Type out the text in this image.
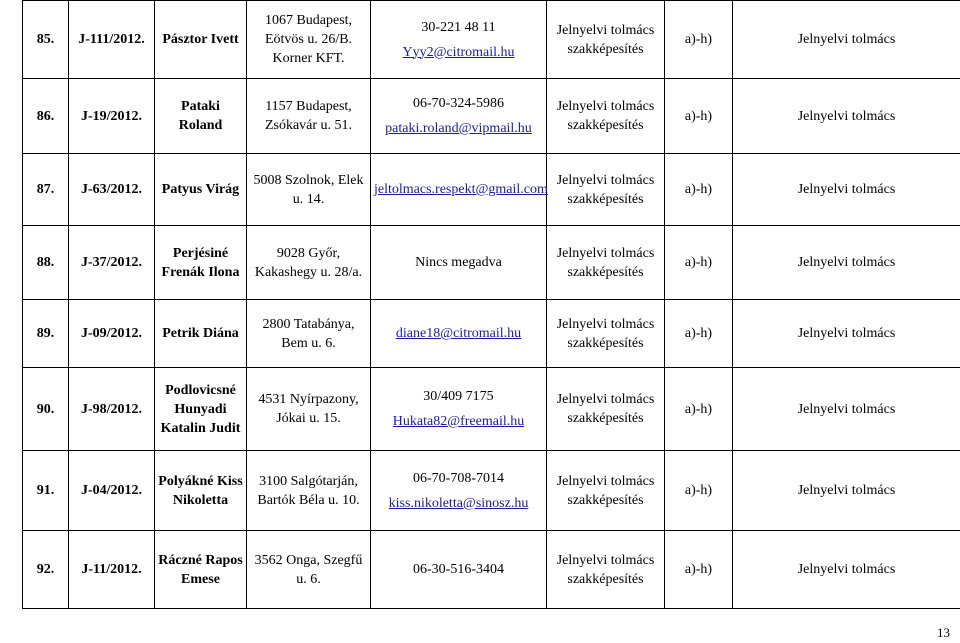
85.	J-111/2012.	Pásztor Ivett	1067 Budapest,
Eötvös u. 26/B.
Korner KFT.	30-221 48 11
Yyy2@citromail.hu	Jelnyelvi tolmács
szakképesítés	a)-h)	Jelnyelvi tolmács
86.	J-19/2012.	Pataki Roland	1157 Budapest,
Zsókavár u. 51.	06-70-324-5986
pataki.roland@vipmail.hu	Jelnyelvi tolmács
szakképesítés	a)-h)	Jelnyelvi tolmács
87.	J-63/2012.	Patyus Virág	5008 Szolnok, Elek
u. 14.	jeltolmacs.respekt@gmail.com	Jelnyelvi tolmács
szakképesítés	a)-h)	Jelnyelvi tolmács
88.	J-37/2012.	Perjésiné
Frenák Ilona	9028 Győr,
Kakashegy u. 28/a.	Nincs megadva	Jelnyelvi tolmács
szakképesítés	a)-h)	Jelnyelvi tolmács
89.	J-09/2012.	Petrik Diána	2800 Tatabánya,
Bem u. 6.	diane18@citromail.hu	Jelnyelvi tolmács
szakképesítés	a)-h)	Jelnyelvi tolmács
90.	J-98/2012.	Podlovicsné
Hunyadi
Katalin Judit	4531 Nyírpazony,
Jókai u. 15.	30/409 7175
Hukata82@freemail.hu	Jelnyelvi tolmács
szakképesítés	a)-h)	Jelnyelvi tolmács
91.	J-04/2012.	Polyákné Kiss
Nikoletta	3100 Salgótarján,
Bartók Béla u. 10.	06-70-708-7014
kiss.nikoletta@sinosz.hu	Jelnyelvi tolmács
szakképesítés	a)-h)	Jelnyelvi tolmács
92.	J-11/2012.	Ráczné Rapos
Emese	3562 Onga, Szegfű
u. 6.	06-30-516-3404	Jelnyelvi tolmács
szakképesítés	a)-h)	Jelnyelvi tolmács
13
